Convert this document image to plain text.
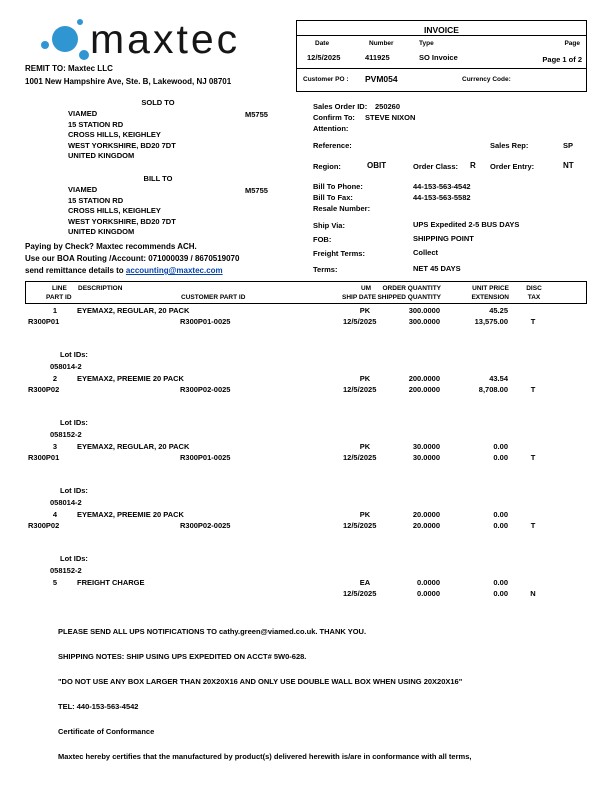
maxtec
REMIT TO: Maxtec LLC
1001 New Hampshire Ave, Ste. B, Lakewood, NJ 08701
INVOICE
Date	Number	Type	Page
12/5/2025	411925	SO Invoice	Page 1 of 2
Customer PO : PVM054	Currency Code:
SOLD TO
VIAMED
15 STATION RD
CROSS HILLS, KEIGHLEY
WEST YORKSHIRE, BD20 7DT
UNITED KINGDOM
M5755
BILL TO
VIAMED
15 STATION RD
CROSS HILLS, KEIGHLEY
WEST YORKSHIRE, BD20 7DT
UNITED KINGDOM
M5755
Sales Order ID: 250260
Confirm To: STEVE NIXON
Attention:
Reference:	Sales Rep:	SP
Region:	OBIT	Order Class: R Order Entry:	NT
Bill To Phone:	44-153-563-4542
Bill To Fax:	44-153-563-5582
Resale Number:
Ship Via:	UPS Expedited 2-5 BUS DAYS
FOB:	SHIPPING POINT
Freight Terms:	Collect
Terms:	NET 45 DAYS
Paying by Check? Maxtec recommends ACH.
Use our BOA Routing /Account: 071000039 / 8670519070
send remittance details to accounting@maxtec.com
LINE DESCRIPTION	UM	ORDER QUANTITY	UNIT PRICE	DISC
PART ID	CUSTOMER PART ID	SHIP DATE SHIPPED QUANTITY	EXTENSION	TAX
1	EYEMAX2, REGULAR, 20 PACK	PK	300.0000	45.25
R300P01	R300P01-0025	12/5/2025	300.0000	13,575.00	T
Lot IDs:
058014-2
2	EYEMAX2, PREEMIE 20 PACK	PK	200.0000	43.54
R300P02	R300P02-0025	12/5/2025	200.0000	8,708.00	T
Lot IDs:
058152-2
3	EYEMAX2, REGULAR, 20 PACK	PK	30.0000	0.00
R300P01	R300P01-0025	12/5/2025	30.0000	0.00	T
Lot IDs:
058014-2
4	EYEMAX2, PREEMIE 20 PACK	PK	20.0000	0.00
R300P02	R300P02-0025	12/5/2025	20.0000	0.00	T
Lot IDs:
058152-2
5	FREIGHT CHARGE	EA	0.0000	0.00
12/5/2025	0.0000	0.00	N
PLEASE SEND ALL UPS NOTIFICATIONS TO cathy.green@viamed.co.uk. THANK YOU.
SHIPPING NOTES: SHIP USING UPS EXPEDITED ON ACCT# 5W0-628.
"DO NOT USE ANY BOX LARGER THAN 20X20X16 AND ONLY USE DOUBLE WALL BOX WHEN USING 20X20X16"
TEL: 440-153-563-4542
Certificate of Conformance
Maxtec hereby certifies that the manufactured by product(s) delivered herewith is/are in conformance with all terms,
